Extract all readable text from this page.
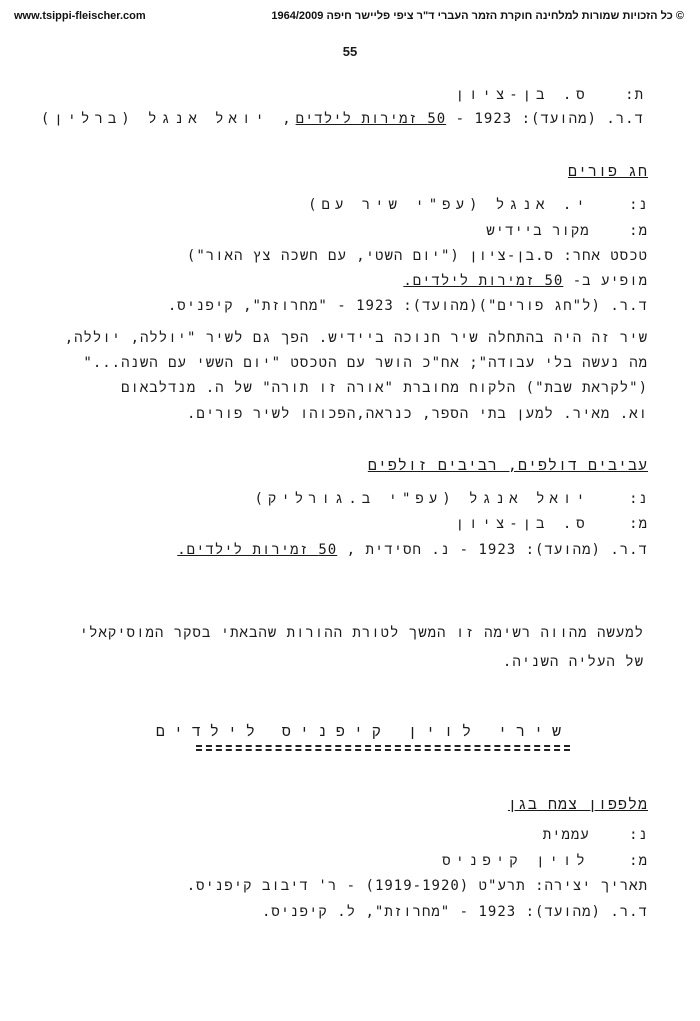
www.tsippi-fleischer.com	© כל הזכויות שמורות למלחינה חוקרת הזמר העברי ד"ר ציפי פליישר חיפה 1964/2009
55
ת: ס. בן-ציון
ד.ר. (מהועד): 1923 - 50 זמירות לילדים, יואל אנגל (ברלין)
חג פורים
נ: י. אנגל (עפ"י שיר עם)
מ: מקור ביידיש
טכסט אחר: ס.בן-ציון ("יום השטי, עם חשכה צץ האור")
מופיע ב- 50 זמירות לילדים.
ד.ר. (ל"חג פורים")(מהועד): 1923 - "מחרוזת", קיפניס.
שיר זה היה בהתחלה שיר חנוכה ביידיש. הפך גם לשיר "יוללה, יוללה,
מה נעשה בלי עבודה"; אח"כ הושר עם הטכסט "יום הששי עם השנה..."
("לקראת שבת") הלקוח מחוברת "אורה זו תורה" של ה. מנדלבאום
וא. מאיר. למען בתי הספר, כנראה,הפכוהו לשיר פורים.
עביבים דולפים, רביבים זולפים
נ: יואל אנגל (עפ"י ב.גורליק)
מ: ס. בן-ציון
ד.ר. (מהועד): 1923 - נ. חסידית , 50 זמירות לילדים.
למעשה מהווה רשימה זו המשך לטורת ההורות שהבאתי בסקר המוסיקאלי
של העליה השניה.
שירי לוין קיפניס לילדים
מלפפון צמח בגן
נ: עממית
מ: לוין קיפניס
תאריך יצירה: תרע"ט (1919-1920) - ר' דיבוב קיפניס.
ד.ר. (מהועד): 1923 - "מחרוזת", ל. קיפניס.
